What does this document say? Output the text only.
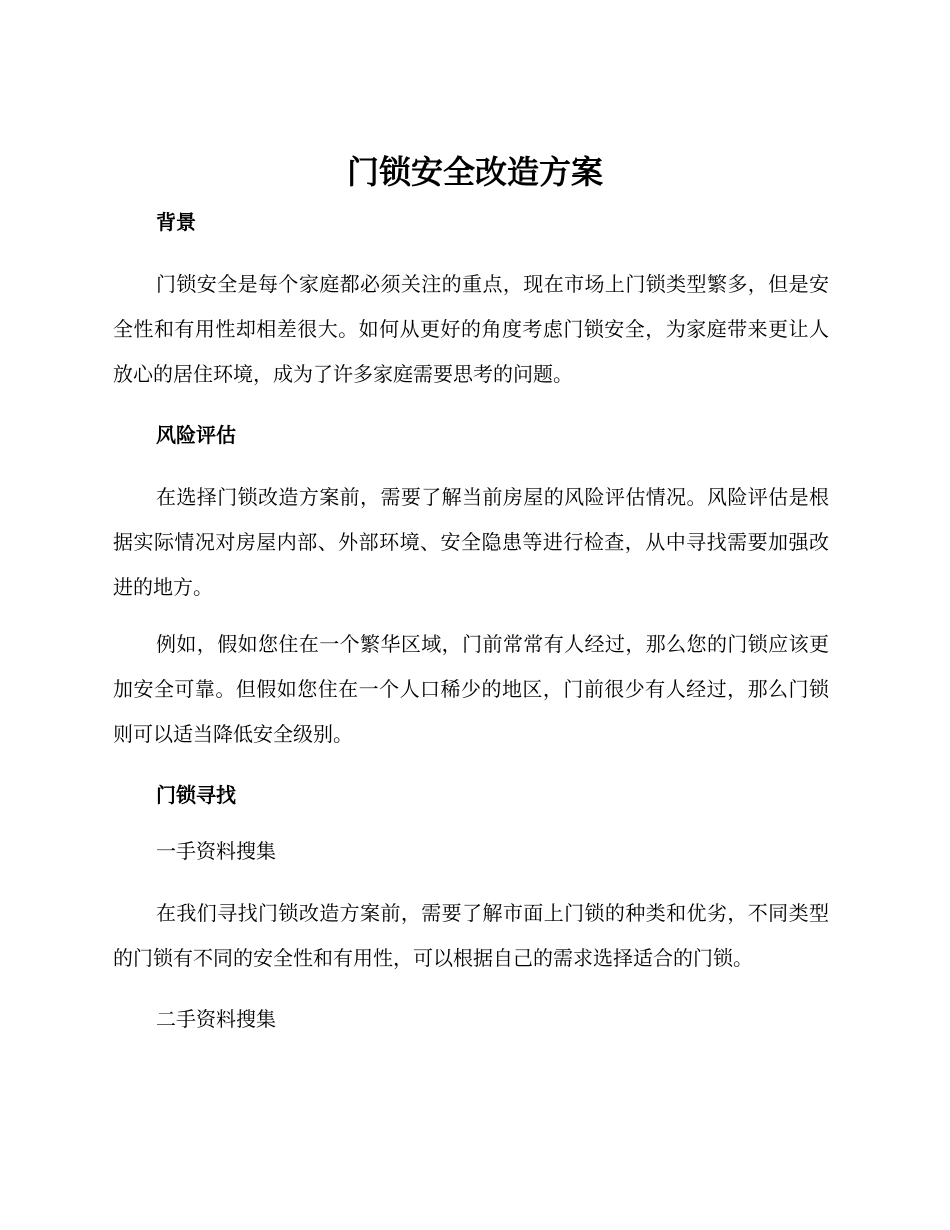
门锁安全改造方案

背景

门锁安全是每个家庭都必须关注的重点，现在市场上门锁类型繁多，但是安全性和有用性却相差很大。如何从更好的角度考虑门锁安全，为家庭带来更让人放心的居住环境，成为了许多家庭需要思考的问题。

风险评估

在选择门锁改造方案前，需要了解当前房屋的风险评估情况。风险评估是根据实际情况对房屋内部、外部环境、安全隐患等进行检查，从中寻找需要加强改进的地方。

例如，假如您住在一个繁华区域，门前常常有人经过，那么您的门锁应该更加安全可靠。但假如您住在一个人口稀少的地区，门前很少有人经过，那么门锁则可以适当降低安全级别。

门锁寻找

一手资料搜集

在我们寻找门锁改造方案前，需要了解市面上门锁的种类和优劣，不同类型的门锁有不同的安全性和有用性，可以根据自己的需求选择适合的门锁。

二手资料搜集
